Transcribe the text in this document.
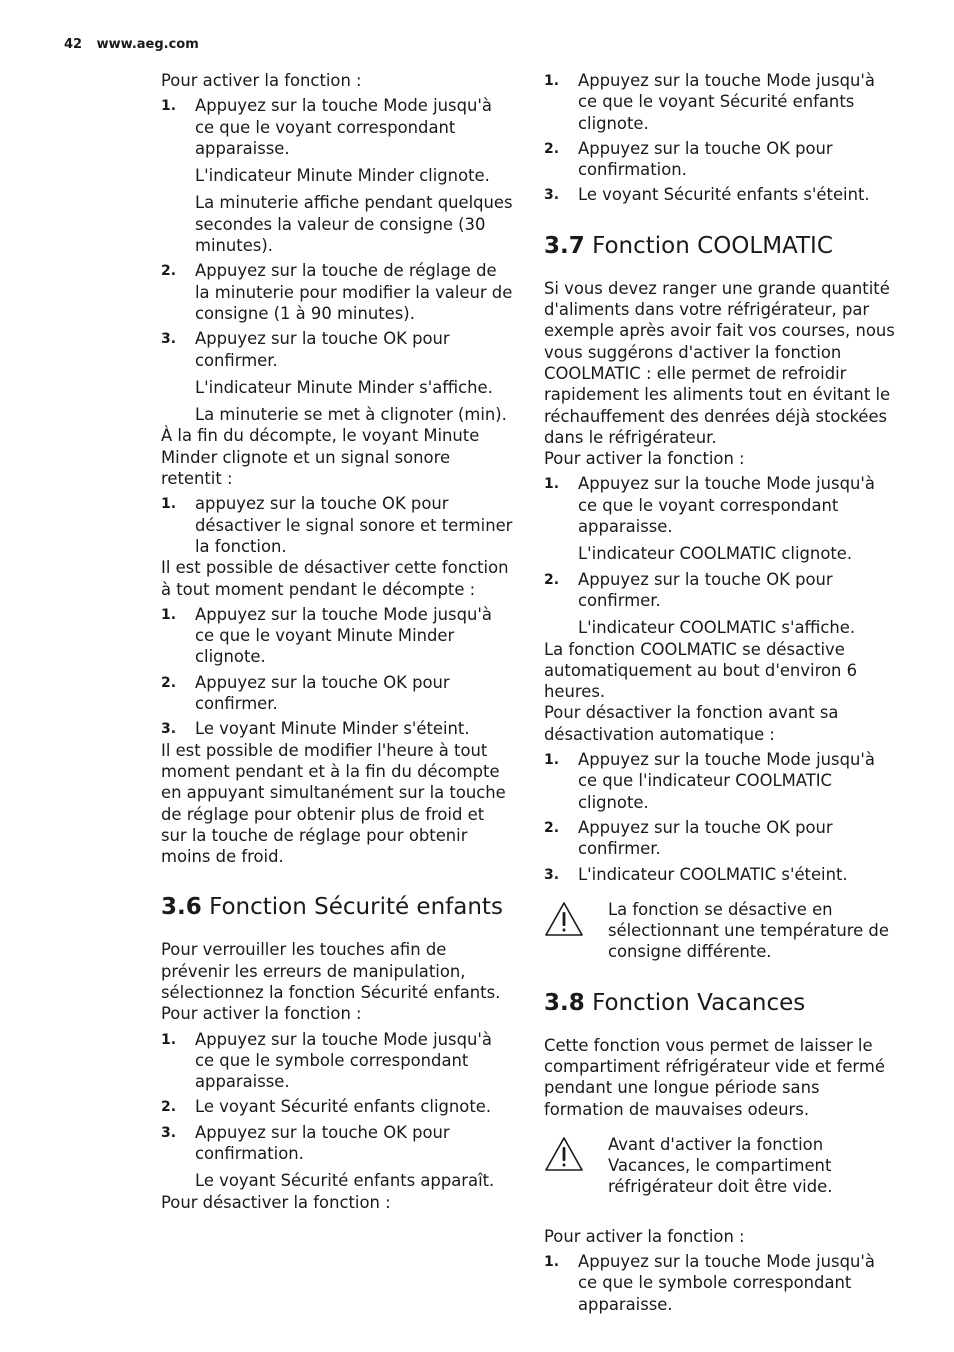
42 www.aeg.com

Pour activer la fonction :

1. Appuyez sur la touche Mode jusqu'à ce que le voyant correspondant apparaisse.
L'indicateur Minute Minder clignote.
La minuterie affiche pendant quelques secondes la valeur de consigne (30 minutes).
2. Appuyez sur la touche de réglage de la minuterie pour modifier la valeur de consigne (1 à 90 minutes).
3. Appuyez sur la touche OK pour confirmer.
L'indicateur Minute Minder s'affiche.
La minuterie se met à clignoter (min).

À la fin du décompte, le voyant Minute Minder clignote et un signal sonore retentit :

1. appuyez sur la touche OK pour désactiver le signal sonore et terminer la fonction.

Il est possible de désactiver cette fonction à tout moment pendant le décompte :

1. Appuyez sur la touche Mode jusqu'à ce que le voyant Minute Minder clignote.
2. Appuyez sur la touche OK pour confirmer.
3. Le voyant Minute Minder s'éteint.

Il est possible de modifier l'heure à tout moment pendant et à la fin du décompte en appuyant simultanément sur la touche de réglage pour obtenir plus de froid et sur la touche de réglage pour obtenir moins de froid.

3.6 Fonction Sécurité enfants

Pour verrouiller les touches afin de prévenir les erreurs de manipulation, sélectionnez la fonction Sécurité enfants.

Pour activer la fonction :

1. Appuyez sur la touche Mode jusqu'à ce que le symbole correspondant apparaisse.
2. Le voyant Sécurité enfants clignote.
3. Appuyez sur la touche OK pour confirmation.
Le voyant Sécurité enfants apparaît.

Pour désactiver la fonction :

1. Appuyez sur la touche Mode jusqu'à ce que le voyant Sécurité enfants clignote.
2. Appuyez sur la touche OK pour confirmation.
3. Le voyant Sécurité enfants s'éteint.
3.7 Fonction COOLMATIC

Si vous devez ranger une grande quantité d'aliments dans votre réfrigérateur, par exemple après avoir fait vos courses, nous vous suggérons d'activer la fonction COOLMATIC : elle permet de refroidir rapidement les aliments tout en évitant le réchauffement des denrées déjà stockées dans le réfrigérateur.

Pour activer la fonction :

1. Appuyez sur la touche Mode jusqu'à ce que le voyant correspondant apparaisse.
L'indicateur COOLMATIC clignote.
2. Appuyez sur la touche OK pour confirmer.
L'indicateur COOLMATIC s'affiche.

La fonction COOLMATIC se désactive automatiquement au bout d'environ 6 heures.

Pour désactiver la fonction avant sa désactivation automatique :

1. Appuyez sur la touche Mode jusqu'à ce que l'indicateur COOLMATIC clignote.
2. Appuyez sur la touche OK pour confirmer.
3. L'indicateur COOLMATIC s'éteint.
La fonction se désactive en sélectionnant une température de consigne différente.
3.8 Fonction Vacances

Cette fonction vous permet de laisser le compartiment réfrigérateur vide et fermé pendant une longue période sans formation de mauvaises odeurs.

Avant d'activer la fonction Vacances, le compartiment réfrigérateur doit être vide.

Pour activer la fonction :

1. Appuyez sur la touche Mode jusqu'à ce que le symbole correspondant apparaisse.
